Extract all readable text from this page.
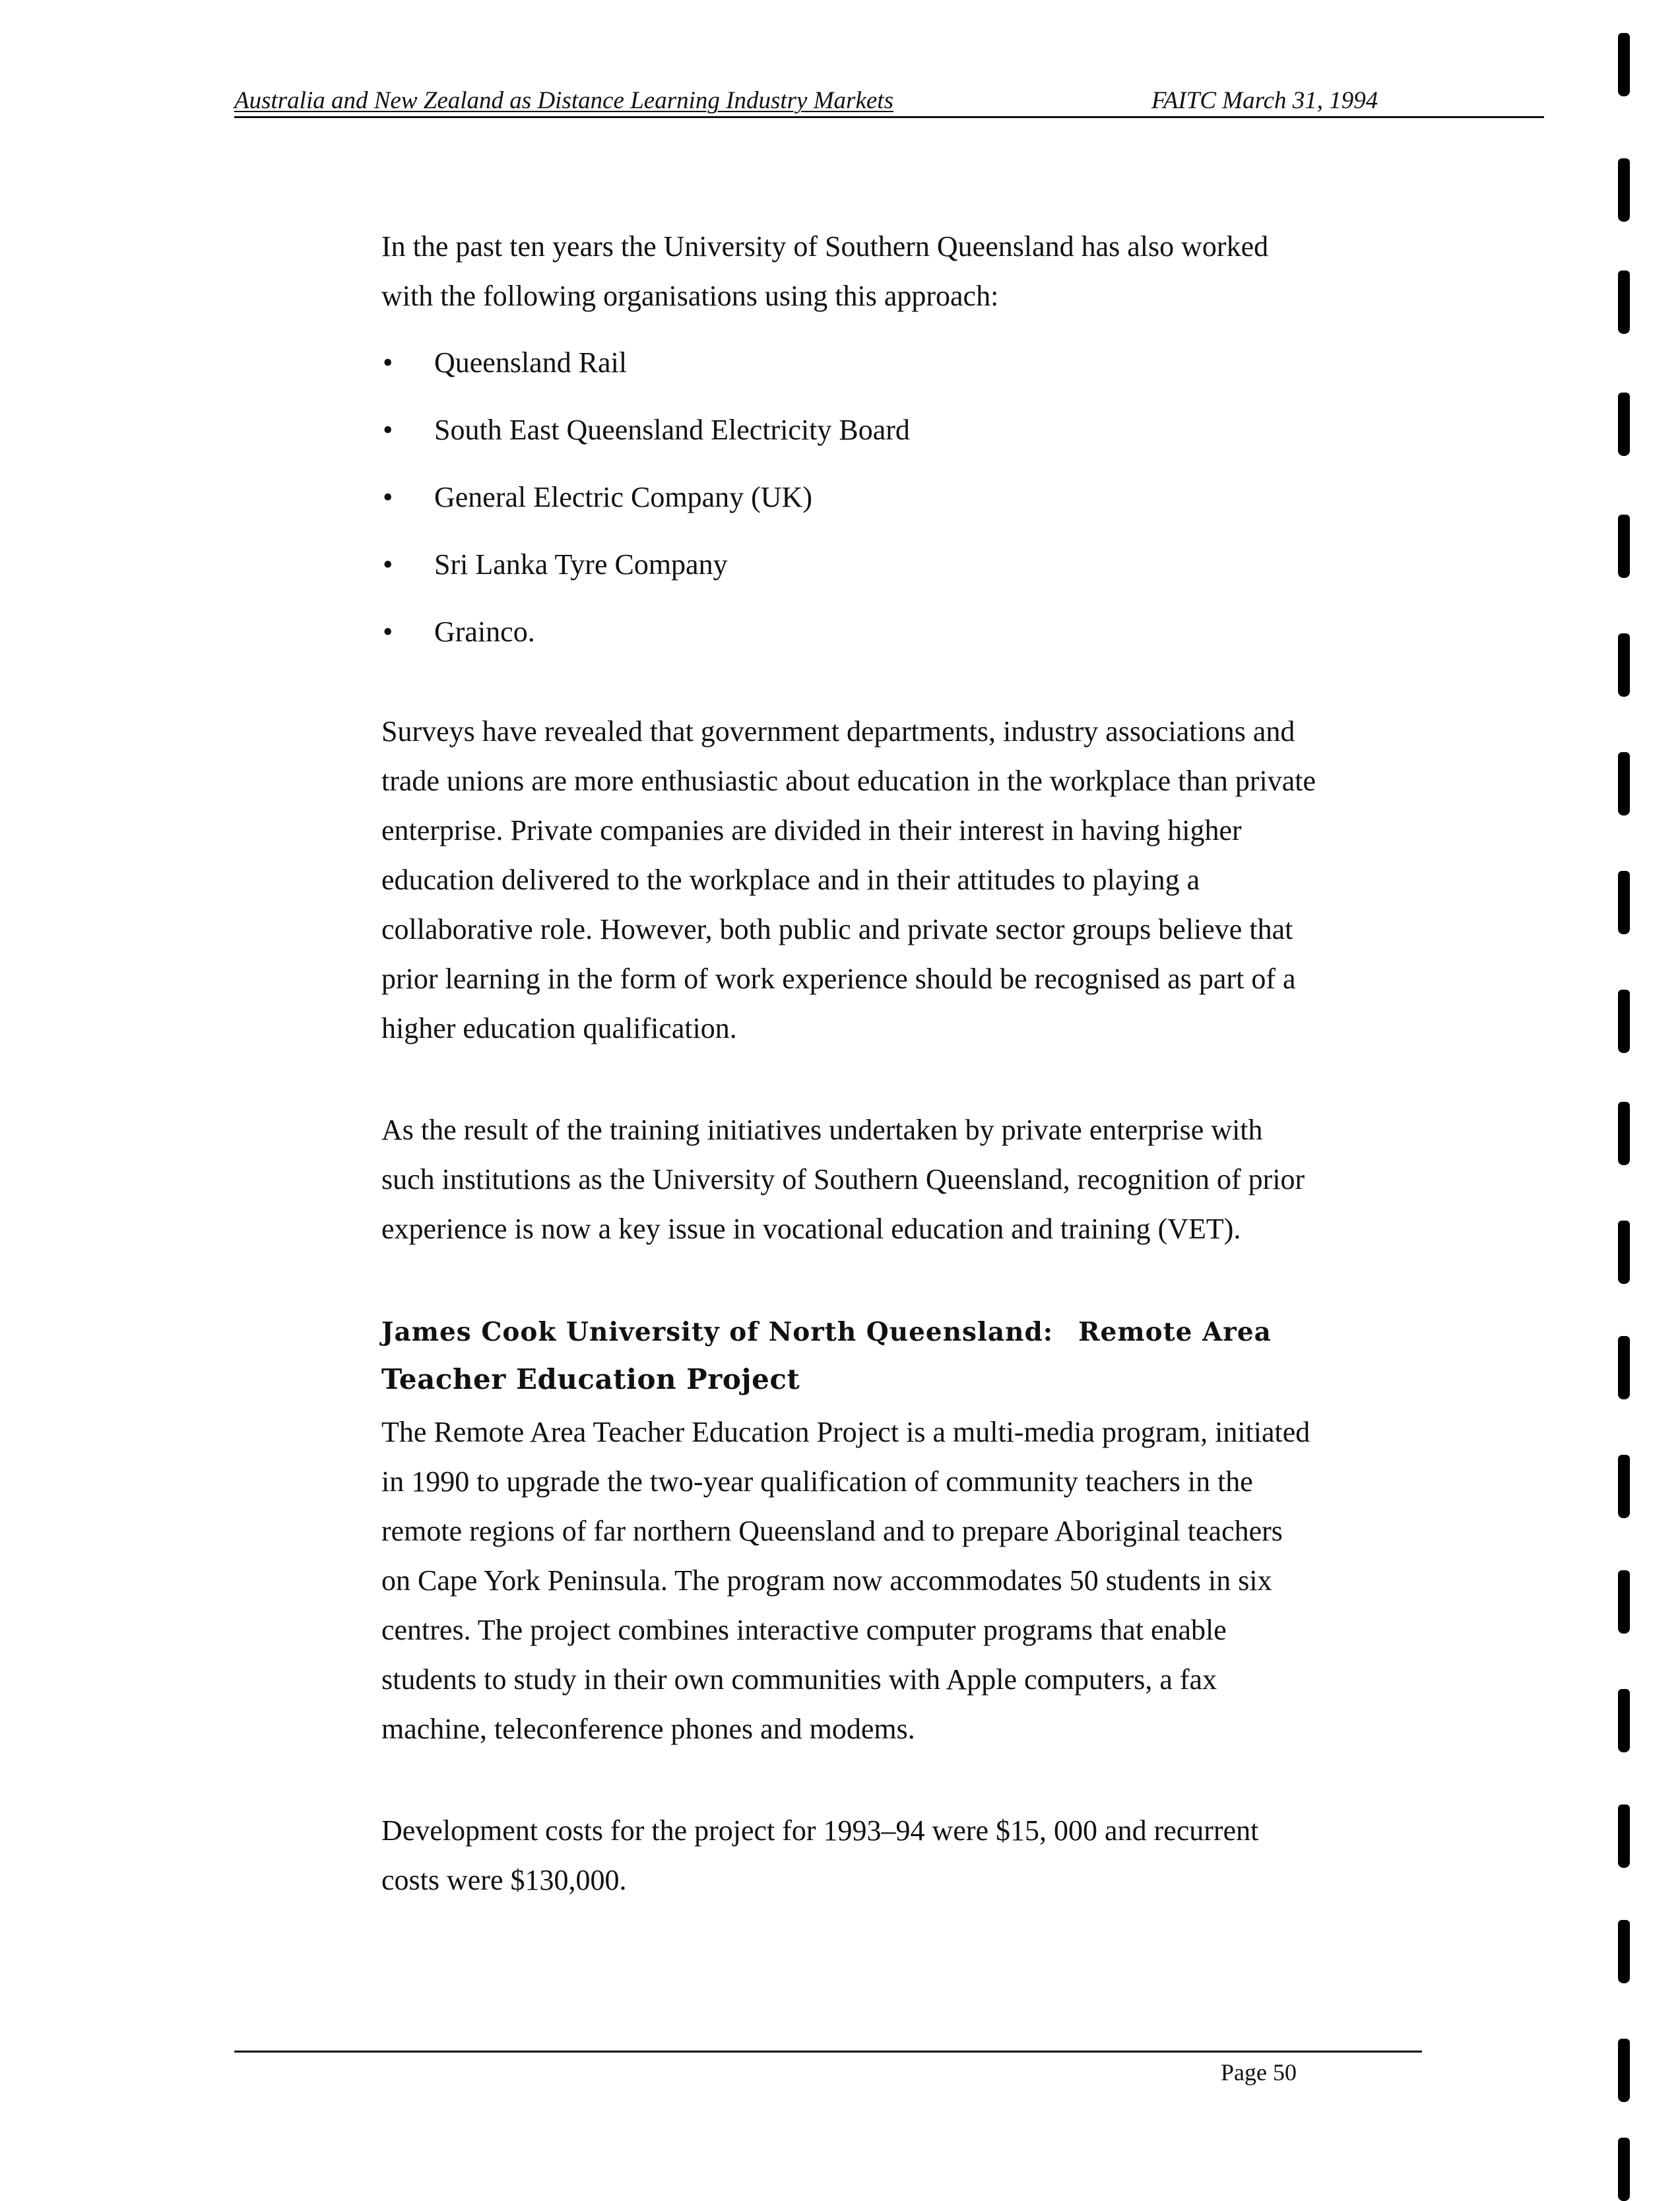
Australia and New Zealand as Distance Learning Industry Markets	FAITC March 31, 1994
In the past ten years the University of Southern Queensland has also worked
with the following organisations using this approach:
• Queensland Rail
• South East Queensland Electricity Board
• General Electric Company (UK)
• Sri Lanka Tyre Company
• Grainco.
Surveys have revealed that government departments, industry associations and
trade unions are more enthusiastic about education in the workplace than private
enterprise. Private companies are divided in their interest in having higher
education delivered to the workplace and in their attitudes to playing a
collaborative role. However, both public and private sector groups believe that
prior learning in the form of work experience should be recognised as part of a
higher education qualification.
As the result of the training initiatives undertaken by private enterprise with
such institutions as the University of Southern Queensland, recognition of prior
experience is now a key issue in vocational education and training (VET).
James Cook University of North Queensland: Remote Area
Teacher Education Project
The Remote Area Teacher Education Project is a multi-media program, initiated
in 1990 to upgrade the two-year qualification of community teachers in the
remote regions of far northern Queensland and to prepare Aboriginal teachers
on Cape York Peninsula. The program now accommodates 50 students in six
centres. The project combines interactive computer programs that enable
students to study in their own communities with Apple computers, a fax
machine, teleconference phones and modems.
Development costs for the project for 1993–94 were $15, 000 and recurrent
costs were $130,000.
Page 50
